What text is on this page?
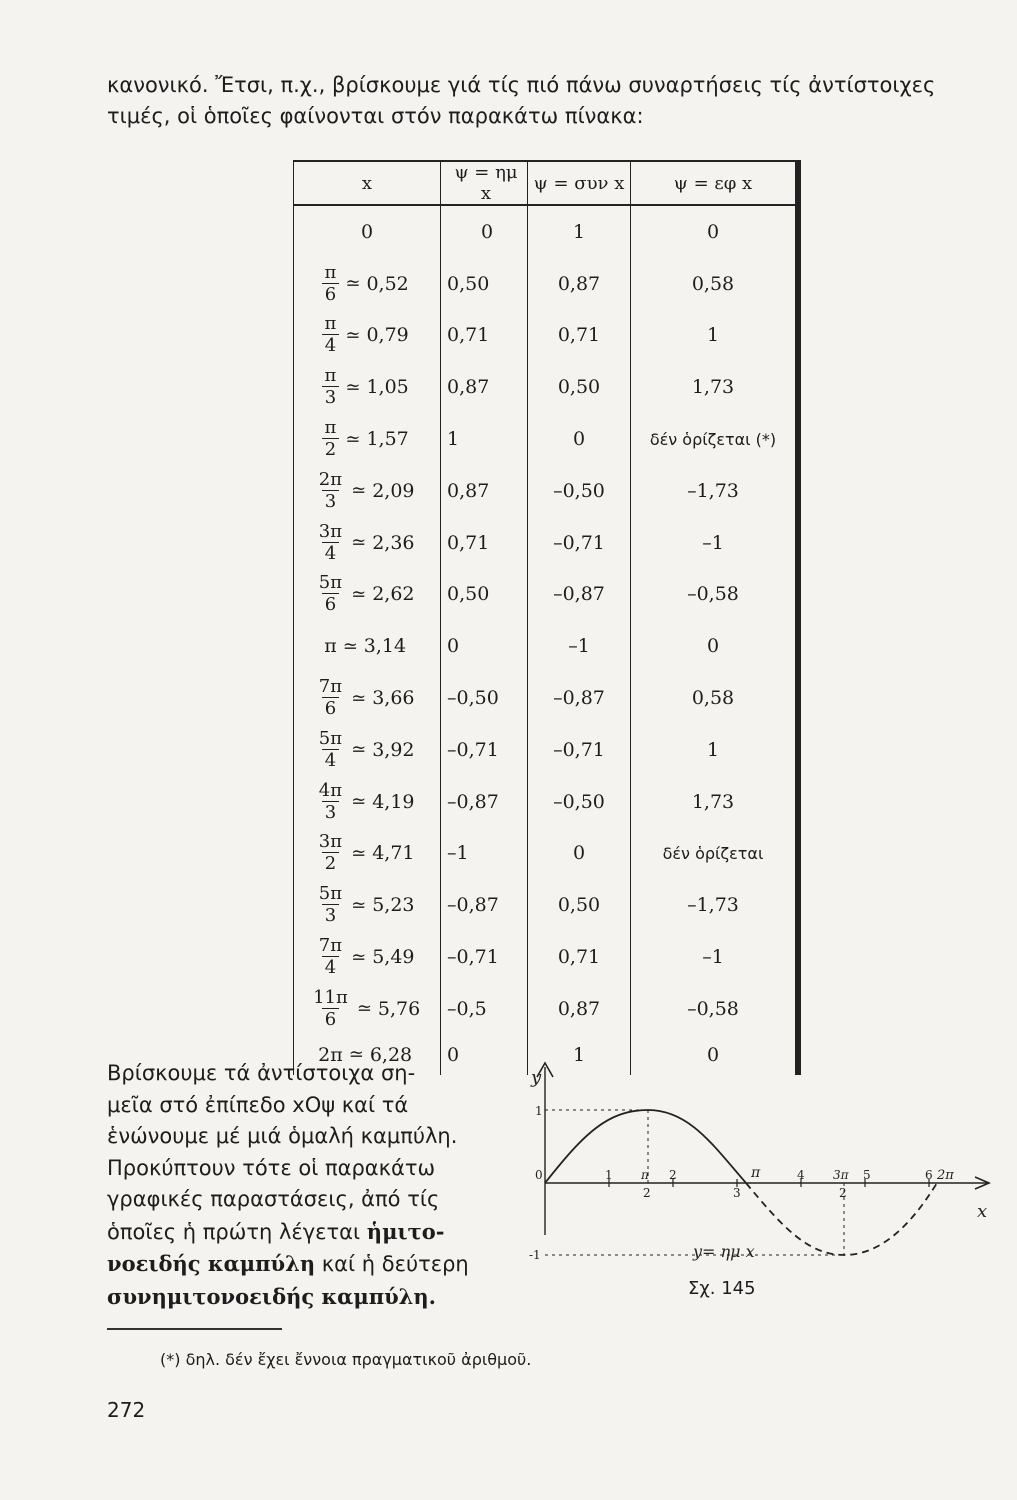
κανονικό. Ἔτσι, π.χ., βρίσκουμε γιά τίς πιό πάνω συναρτήσεις τίς ἀντίστοιχες
τιμές, οἱ ὁποῖες φαίνονται στόν παρακάτω πίνακα:

x	ψ = ημ x	ψ = συν x	ψ = εφ x

0	0	1	0

$\frac{\pi}{6}$ ≃ 0,52	0,50	0,87	0,58

$\frac{\pi}{4}$ ≃ 0,79	0,71	0,71	1

$\frac{\pi}{3}$ ≃ 1,05	0,87	0,50	1,73

$\frac{\pi}{2}$ ≃ 1,57	1	0	δέν ὁρίζεται (*)

$\frac{2\pi}{3}$ ≃ 2,09	0,87	–0,50	–1,73

$\frac{3\pi}{4}$ ≃ 2,36	0,71	–0,71	–1

$\frac{5\pi}{6}$ ≃ 2,62	0,50	–0,87	–0,58

π ≃ 3,14	0	–1	0

$\frac{7\pi}{6}$ ≃ 3,66	–0,50	–0,87	0,58

$\frac{5\pi}{4}$ ≃ 3,92	–0,71	–0,71	1

$\frac{4\pi}{3}$ ≃ 4,19	–0,87	–0,50	1,73

$\frac{3\pi}{2}$ ≃ 4,71	–1	0	δέν ὁρίζεται

$\frac{5\pi}{3}$ ≃ 5,23	–0,87	0,50	–1,73

$\frac{7\pi}{4}$ ≃ 5,49	–0,71	0,71	–1

$\frac{11\pi}{6}$ ≃ 5,76	–0,5	0,87	–0,58

2π ≃ 6,28	0	1	0

Βρίσκουμε τά ἀντίστοιχα ση-
μεῖα στό ἐπίπεδο xOψ καί τά
ἑνώνουμε μέ μιά ὁμαλή καμπύλη.
Προκύπτουν τότε οἱ παρακάτω
γραφικές παραστάσεις, ἀπό τίς
ὁποῖες ἡ πρώτη λέγεται ἡμιτο-
νοειδής καμπύλη καί ἡ δεύτερη
συνημιτονοειδής καμπύλη.

y
x
0
1
-1
1	2
3
4	5	6
π
π
2
3π
2
2π
y= ημ x
Σχ. 145
(*) δηλ. δέν ἔχει ἔννοια πραγματικοῦ ἀριθμοῦ.
272
